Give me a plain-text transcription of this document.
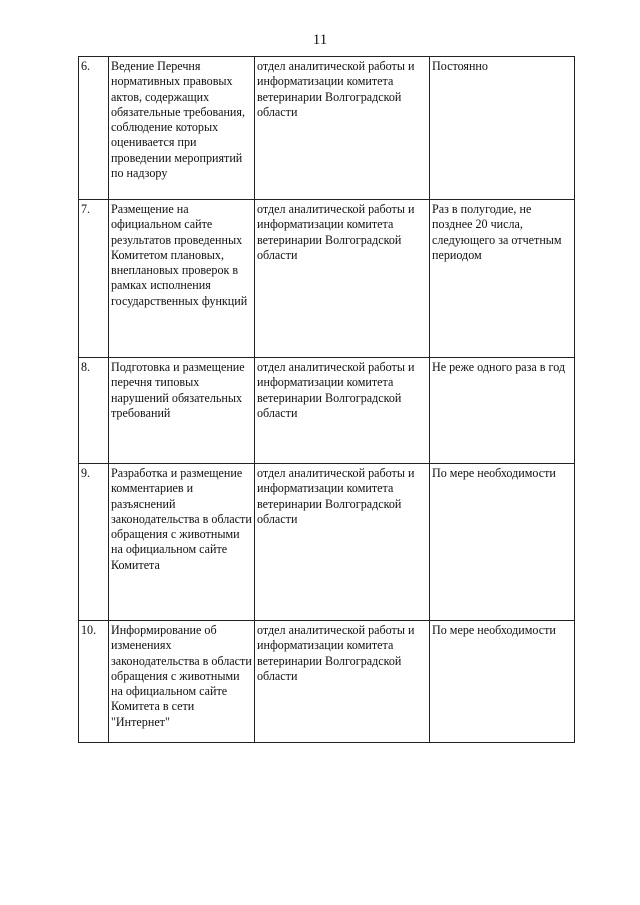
11
6.	Ведение Перечня нормативных правовых актов, содержащих обязательные требования, соблюдение которых оценивается при проведении мероприятий по надзору	отдел аналитической работы и информатизации комитета ветеринарии Волгоградской области	Постоянно
7.	Размещение на официальном сайте результатов проведенных Комитетом плановых, внеплановых проверок в рамках исполнения государственных функций	отдел аналитической работы и информатизации комитета ветеринарии Волгоградской области	Раз в полугодие, не позднее 20 числа, следующего за отчетным периодом
8.	Подготовка и размещение перечня типовых нарушений обязательных требований	отдел аналитической работы и информатизации комитета ветеринарии Волгоградской области	Не реже одного раза в год
9.	Разработка и размещение комментариев и разъяснений законодательства в области обращения с животными на официальном сайте Комитета	отдел аналитической работы и информатизации комитета ветеринарии Волгоградской области	По мере необходимости
10.	Информирование об изменениях законодательства в области обращения с животными на официальном сайте Комитета в сети "Интернет"	отдел аналитической работы и информатизации комитета ветеринарии Волгоградской области	По мере необходимости
